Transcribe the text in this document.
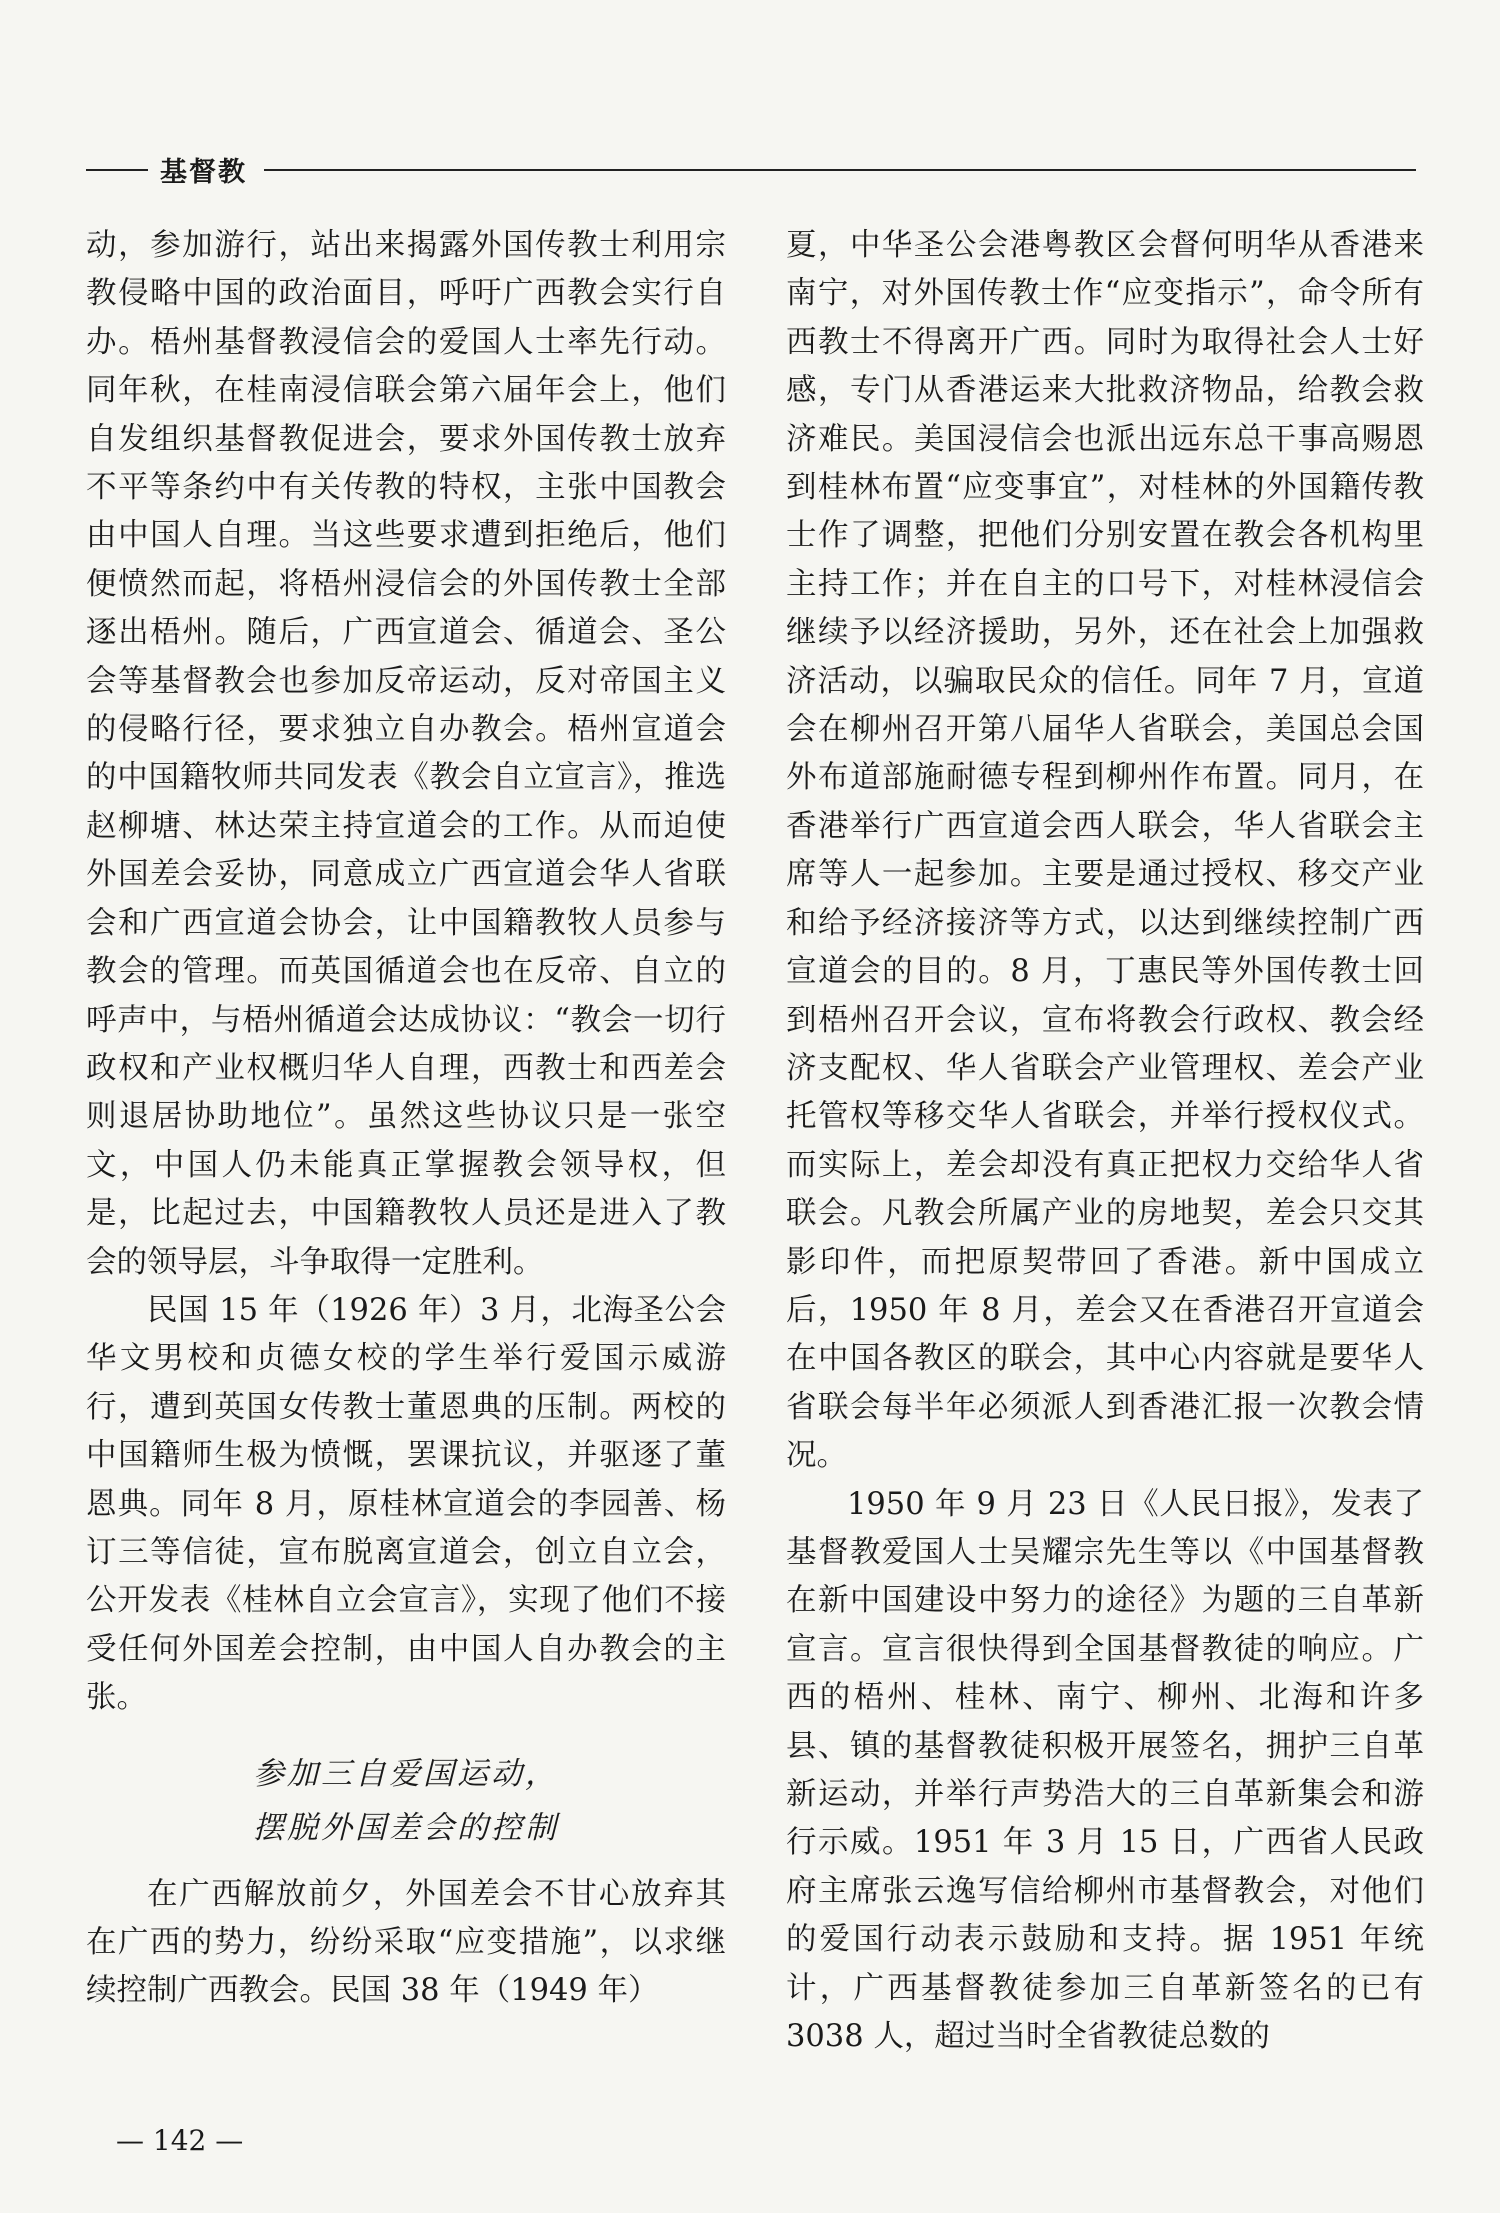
基督教

动，参加游行，站出来揭露外国传教士利用宗教侵略中国的政治面目，呼吁广西教会实行自办。梧州基督教浸信会的爱国人士率先行动。同年秋，在桂南浸信联会第六届年会上，他们自发组织基督教促进会，要求外国传教士放弃不平等条约中有关传教的特权，主张中国教会由中国人自理。当这些要求遭到拒绝后，他们便愤然而起，将梧州浸信会的外国传教士全部逐出梧州。随后，广西宣道会、循道会、圣公会等基督教会也参加反帝运动，反对帝国主义的侵略行径，要求独立自办教会。梧州宣道会的中国籍牧师共同发表《教会自立宣言》，推选赵柳塘、林达荣主持宣道会的工作。从而迫使外国差会妥协，同意成立广西宣道会华人省联会和广西宣道会协会，让中国籍教牧人员参与教会的管理。而英国循道会也在反帝、自立的呼声中，与梧州循道会达成协议：“教会一切行政权和产业权概归华人自理，西教士和西差会则退居协助地位”。虽然这些协议只是一张空文，中国人仍未能真正掌握教会领导权，但是，比起过去，中国籍教牧人员还是进入了教会的领导层，斗争取得一定胜利。

民国 15 年（1926 年）3 月，北海圣公会华文男校和贞德女校的学生举行爱国示威游行，遭到英国女传教士董恩典的压制。两校的中国籍师生极为愤慨，罢课抗议，并驱逐了董恩典。同年 8 月，原桂林宣道会的李园善、杨订三等信徒，宣布脱离宣道会，创立自立会，公开发表《桂林自立会宣言》，实现了他们不接受任何外国差会控制，由中国人自办教会的主张。

参加三自爱国运动，
摆脱外国差会的控制

在广西解放前夕，外国差会不甘心放弃其在广西的势力，纷纷采取“应变措施”，以求继续控制广西教会。民国 38 年（1949 年）

夏，中华圣公会港粤教区会督何明华从香港来南宁，对外国传教士作“应变指示”，命令所有西教士不得离开广西。同时为取得社会人士好感，专门从香港运来大批救济物品，给教会救济难民。美国浸信会也派出远东总干事高赐恩到桂林布置“应变事宜”，对桂林的外国籍传教士作了调整，把他们分别安置在教会各机构里主持工作；并在自主的口号下，对桂林浸信会继续予以经济援助，另外，还在社会上加强救济活动，以骗取民众的信任。同年 7 月，宣道会在柳州召开第八届华人省联会，美国总会国外布道部施耐德专程到柳州作布置。同月，在香港举行广西宣道会西人联会，华人省联会主席等人一起参加。主要是通过授权、移交产业和给予经济接济等方式，以达到继续控制广西宣道会的目的。8 月，丁惠民等外国传教士回到梧州召开会议，宣布将教会行政权、教会经济支配权、华人省联会产业管理权、差会产业托管权等移交华人省联会，并举行授权仪式。而实际上，差会却没有真正把权力交给华人省联会。凡教会所属产业的房地契，差会只交其影印件，而把原契带回了香港。新中国成立后，1950 年 8 月，差会又在香港召开宣道会在中国各教区的联会，其中心内容就是要华人省联会每半年必须派人到香港汇报一次教会情况。

1950 年 9 月 23 日《人民日报》，发表了基督教爱国人士吴耀宗先生等以《中国基督教在新中国建设中努力的途径》为题的三自革新宣言。宣言很快得到全国基督教徒的响应。广西的梧州、桂林、南宁、柳州、北海和许多县、镇的基督教徒积极开展签名，拥护三自革新运动，并举行声势浩大的三自革新集会和游行示威。1951 年 3 月 15 日，广西省人民政府主席张云逸写信给柳州市基督教会，对他们的爱国行动表示鼓励和支持。据 1951 年统计，广西基督教徒参加三自革新签名的已有 3038 人，超过当时全省教徒总数的

— 142 —
